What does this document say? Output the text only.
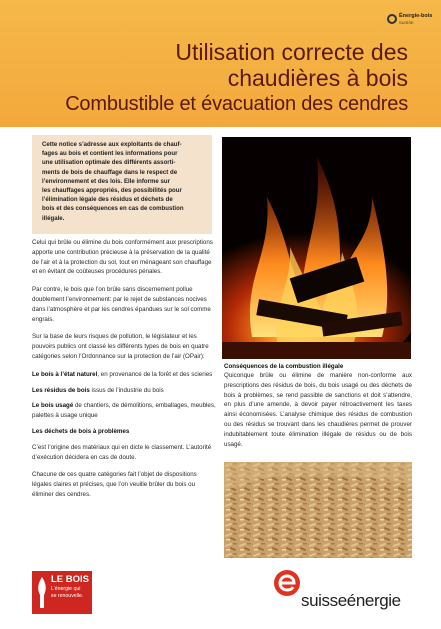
Énergie-bois
SUISSE
Utilisation correcte des
chaudières à bois
Combustible et évacuation des cendres

Cette notice s’adresse aux exploitants de chauf-

fages au bois et contient les informations pour

une utilisation optimale des différents assorti-

ments de bois de chauffage dans le respect de

l’environnement et des lois. Elle informe sur

les chauffages appropriés, des possibilités pour

l’élimination légale des résidus et déchets de

bois et des conséquences en cas de combustion

illégale.

Celui qui brûle ou élimine du bois conformément aux prescriptions apporte une contribution précieuse à la préservation de la qualité de l’air et à la protection du sol, tout en ménageant son chauffage et en évitant de coûteuses procédures pénales.

Par contre, le bois que l’on brûle sans discernement pollue doublement l’environnement: par le rejet de substances nocives dans l’atmosphère et par les cendres épandues sur le sol comme engrais.

Sur la base de leurs risques de pollution, le législateur et les pouvoirs publics ont classé les différents types de bois en quatre catégories selon l’Ordonnance sur la protection de l’air (OPair):

Le bois à l’état naturel, en provenance de la forêt et des scieries

Les résidus de bois issus de l’industrie du bois

Le bois usagé de chantiers, de démolitions, emballages, meubles, palettes à usage unique

Les déchets de bois à problèmes

C’est l’origine des matériaux qui en dicte le classement. L’autorité d’exécution décidera en cas de doute.

Chacune de ces quatre catégories fait l’objet de dispositions légales claires et précises, que l’on veuille brûler du bois ou éliminer des cendres.

Conséquences de la combustion illégale

Quiconque brûle ou élimine de manière non-conforme aux prescriptions des résidus de bois, du bois usagé ou des déchets de bois à problèmes, se rend passible de sanctions et doit s’attendre, en plus d’une amende, à devoir payer rétroactivement les taxes ainsi économisées. L’analyse chimique des résidus de combustion ou des résidus se trouvant dans les chaudières permet de prouver indubitablement toute élimination illégale de résidus ou de bois usagé.

LE BOIS
L’énergie qui
se renouvelle.	suisseénergie
